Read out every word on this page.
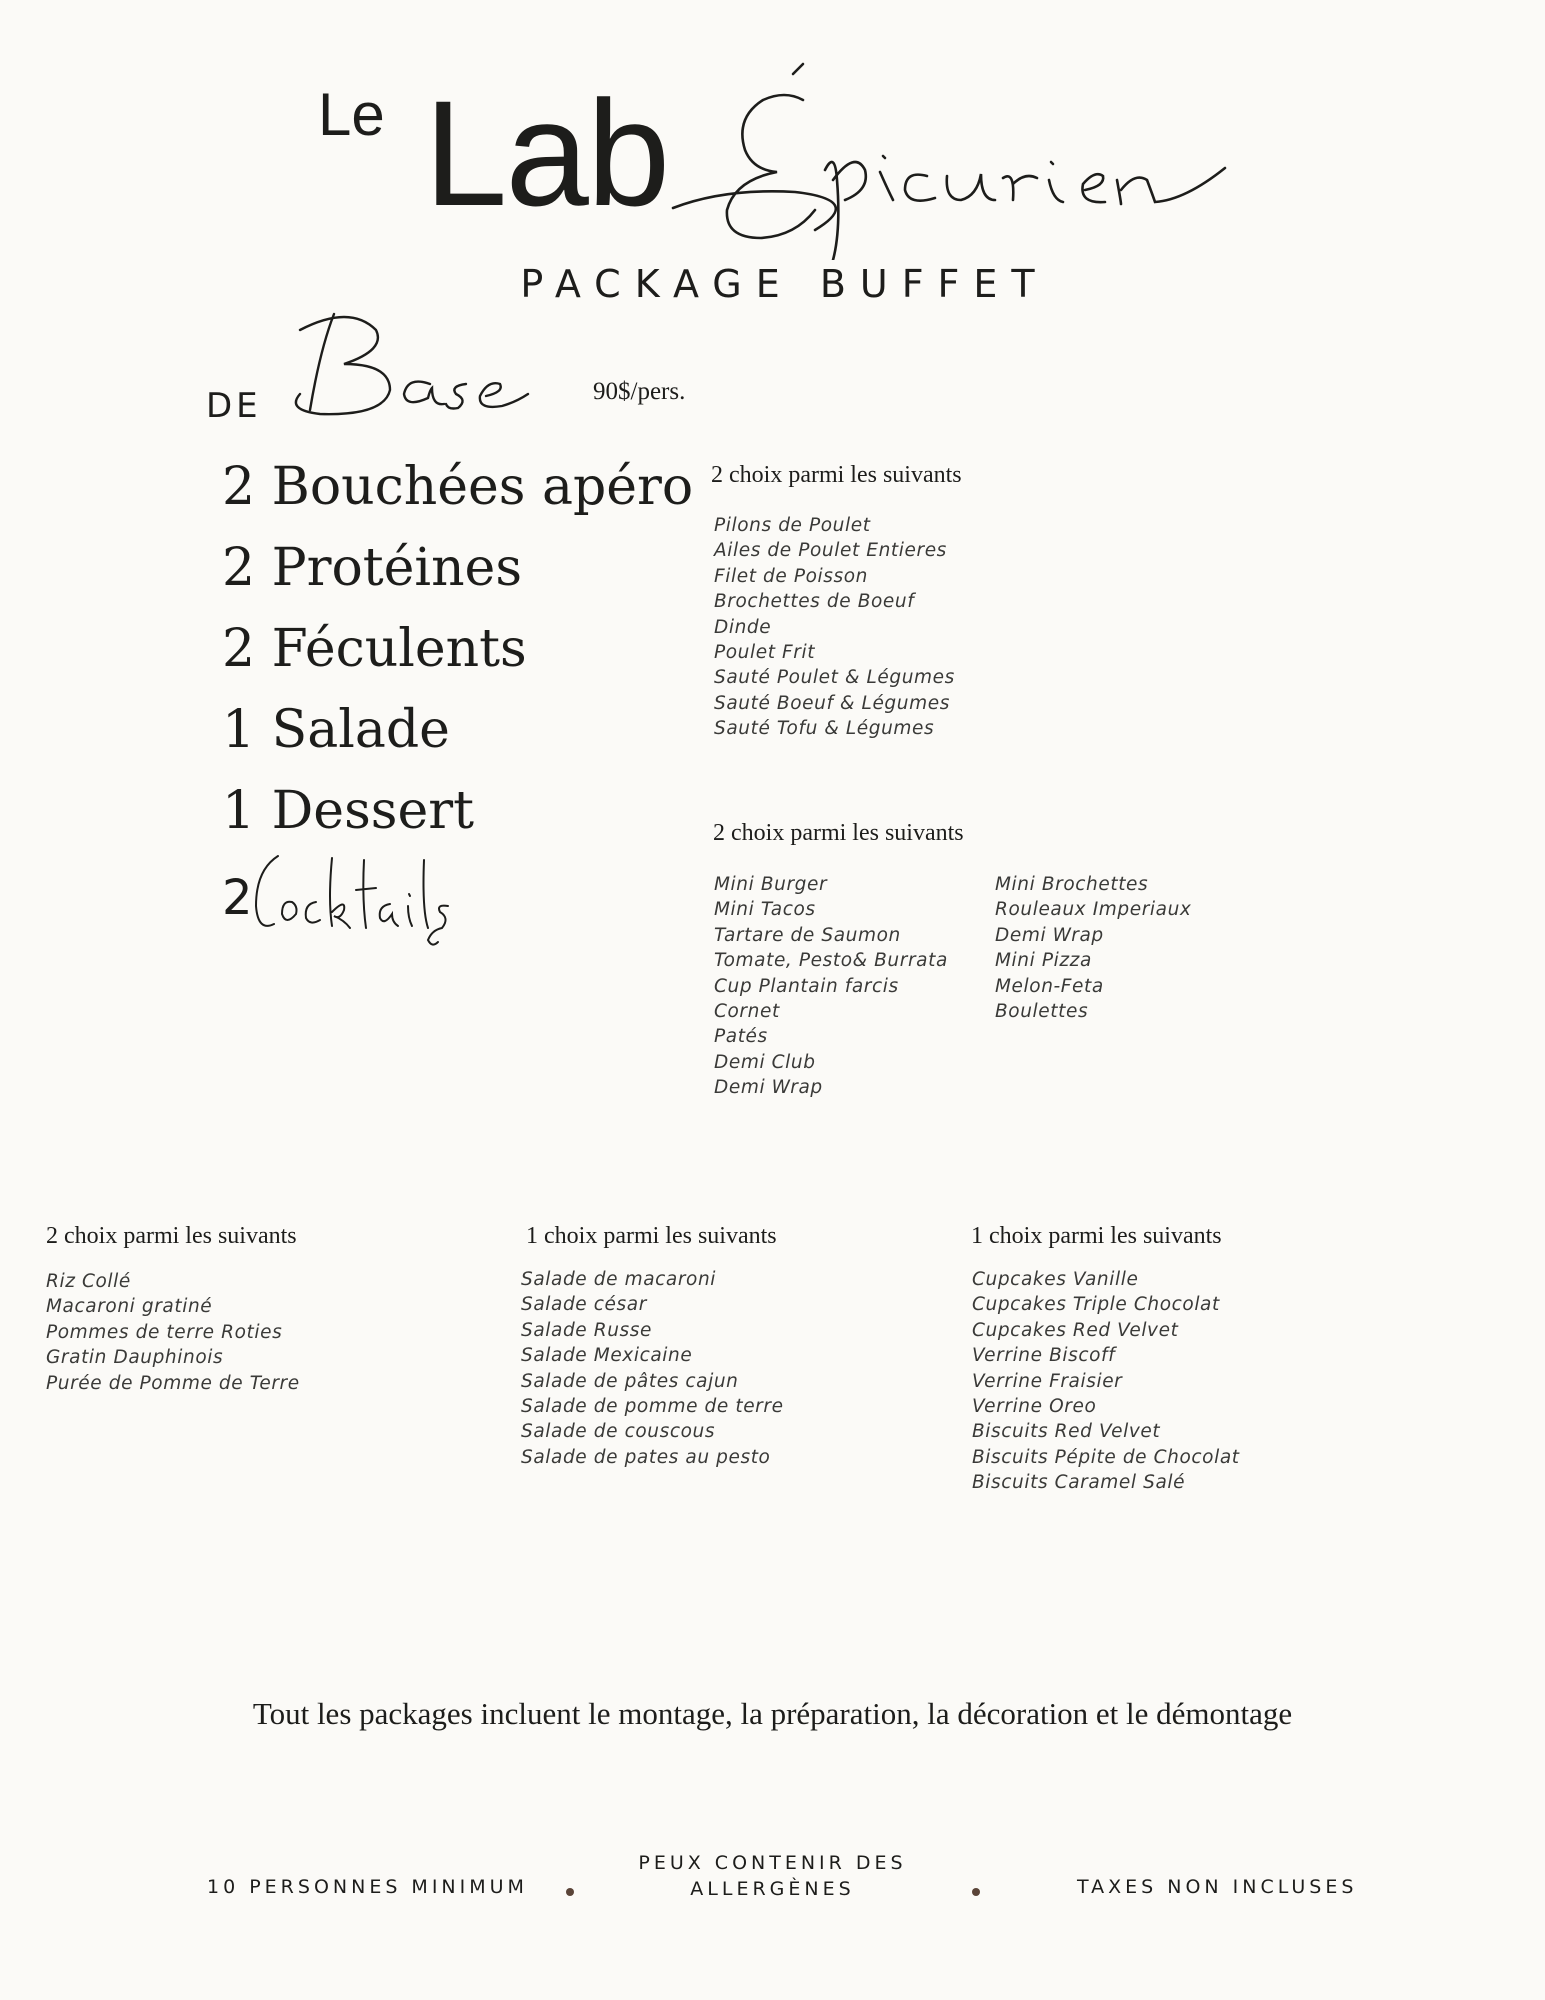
Le Lab
PACKAGE BUFFET
DE	90$/pers.
2 Bouchées apéro
2 Protéines
2 Féculents
1 Salade
1 Dessert
2
2 choix parmi les suivants
Pilons de Poulet
Ailes de Poulet Entieres
Filet de Poisson
Brochettes de Boeuf
Dinde
Poulet Frit
Sauté Poulet & Légumes
Sauté Boeuf & Légumes
Sauté Tofu & Légumes
2 choix parmi les suivants
Mini Burger
Mini Tacos
Tartare de Saumon
Tomate, Pesto& Burrata
Cup Plantain farcis
Cornet
Patés
Demi Club
Demi Wrap
Mini Brochettes
Rouleaux Imperiaux
Demi Wrap
Mini Pizza
Melon-Feta
Boulettes
2 choix parmi les suivants
Riz Collé
Macaroni gratiné
Pommes de terre Roties
Gratin Dauphinois
Purée de Pomme de Terre
1 choix parmi les suivants
Salade de macaroni
Salade césar
Salade Russe
Salade Mexicaine
Salade de pâtes cajun
Salade de pomme de terre
Salade de couscous
Salade de pates au pesto
1 choix parmi les suivants
Cupcakes Vanille
Cupcakes Triple Chocolat
Cupcakes Red Velvet
Verrine Biscoff
Verrine Fraisier
Verrine Oreo
Biscuits Red Velvet
Biscuits Pépite de Chocolat
Biscuits Caramel Salé
Tout les packages incluent le montage, la préparation, la décoration et le démontage
10 PERSONNES MINIMUM
PEUX CONTENIR DES
ALLERGÈNES	TAXES NON INCLUSES
